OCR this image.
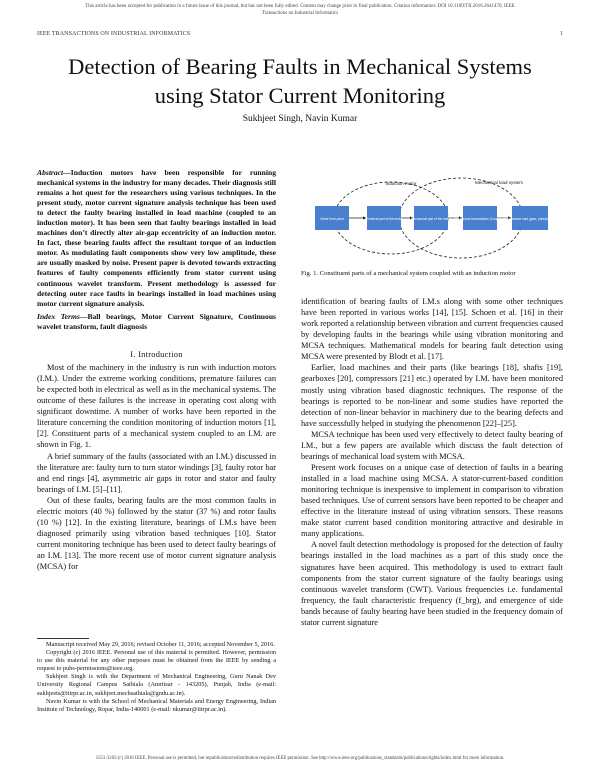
This article has been accepted for publication in a future issue of this journal, but has not been fully edited. Content may change prior to final publication. Citation information: DOI 10.1109/TII.2016.2641470, IEEE
Transactions on Industrial Informatics
IEEE TRANSACTIONS ON INDUSTRIAL INFORMATICS	1
Detection of Bearing Faults in Mechanical Systems
using Stator Current Monitoring
Sukhjeet Singh, Navin Kumar
Abstract—Induction motors have been responsible for running mechanical systems in the industry for many decades. Their diagnosis still remains a hot quest for the researchers using various techniques. In the present study, motor current signature analysis technique has been used to detect the faulty bearing installed in load machine (coupled to an induction motor). It has been seen that faulty bearings installed in load machines don’t directly alter air-gap eccentricity of an induction motor. In fact, these bearing faults affect the resultant torque of an induction motor. As modulating fault components show very low amplitude, these are usually masked by noise. Present paper is devoted towards extracting features of faulty components efficiently from stator current using continuous wavelet transform. Present methodology is assessed for detecting outer race faults in bearings installed in load machines using motor current signature analysis.
Index Terms—Ball bearings, Motor Current Signature, Continuous wavelet transform, fault diagnosis
I. Introduction

Most of the machinery in the industry is run with induction motors (I.M.). Under the extreme working conditions, premature failures can be expected both in electrical as well as in the mechanical systems. The outcome of these failures is the increase in operating cost along with significant downtime. A number of works have been reported in the literature concerning the condition monitoring of induction motors [1], [2]. Constituent parts of a mechanical system coupled to an I.M. are shown in Fig. 1.

A brief summary of the faults (associated with an I.M.) discussed in the literature are: faulty turn to turn stator windings [3], faulty rotor bar and end rings [4], asymmetric air gaps in rotor and stator and faulty bearings of I.M. [5]–[11].

Out of these faults, bearing faults are the most common faults in electric motors (40 %) followed by the stator (37 %) and rotor faults (10 %) [12]. In the existing literature, bearings of I.M.s have been diagnosed primarily using vibration based techniques [10]. Stator current monitoring technique has been used to detect faulty bearings of an I.M. [13]. The more recent use of motor current signature analysis (MCSA) for

Manuscript received May 29, 2016; revised October 11, 2016; accepted November 5, 2016.

Copyright (c) 2016 IEEE. Personal use of this material is permitted. However, permission to use this material for any other purposes must be obtained from the IEEE by sending a request to pubs-permissions@ieee.org.

Sukhjeet Singh is with the Department of Mechanical Engineering, Guru Nanak Dev University Regional Campus Sathiala (Amritsar - 143205), Punjab, India (e-mail: sukhjeets@iitrpr.ac.in, sukhjeet.mechsathiala@gndu.ac.in).

Navin Kumar is with the School of Mechanical Materials and Energy Engineering, Indian Institute of Technology, Ropar, India-140001 (e-mail: nkumar@iitrpr.ac.in).

Induction motor	Mechanical load system
Motor from plant	Electrical part of the motor	Mechanical part of the motor Mechanical transmission (Couplings)
Mechanical load (gear, pulleys, etc)
Fig. 1. Constituent parts of a mechanical system coupled with an induction motor

identification of bearing faults of I.M.s along with some other techniques have been reported in various works [14], [15]. Schoen et al. [16] in their work reported a relationship between vibration and current frequencies caused by developing faults in the bearings while using vibration monitoring and MCSA techniques. Mathematical models for bearing fault detection using MCSA were presented by Blodt et al. [17].

Earlier, load machines and their parts (like bearings [18], shafts [19], gearboxes [20], compressors [21] etc.) operated by I.M. have been monitored mostly using vibration based diagnostic techniques. The response of the bearings is reported to be non-linear and some studies have reported the detection of non-linear behavior in machinery due to the bearing defects and have successfully helped in studying the phenomenon [22]–[25].

MCSA technique has been used very effectively to detect faulty bearing of I.M., but a few papers are available which discuss the fault detection of bearings of mechanical load system with MCSA.

Present work focuses on a unique case of detection of faults in a bearing installed in a load machine using MCSA. A stator-current-based condition monitoring technique is inexpensive to implement in comparison to vibration based techniques. Use of current sensors have been reported to be cheaper and effective in the literature instead of using vibration sensors. These reasons make stator current based condition monitoring attractive and desirable in many applications.

A novel fault detection methodology is proposed for the detection of faulty bearings installed in the load machines as a part of this study once the signatures have been acquired. This methodology is used to extract fault components from the stator current signature of the faulty bearings using continuous wavelet transform (CWT). Various frequencies i.e. fundamental frequency, the fault characteristic frequency (f_brg), and emergence of side bands because of faulty bearing have been studied in the frequency domain of stator current signature

1551-3203 (c) 2016 IEEE. Personal use is permitted, but republication/redistribution requires IEEE permission. See http://www.ieee.org/publications_standards/publications/rights/index.html for more information.
